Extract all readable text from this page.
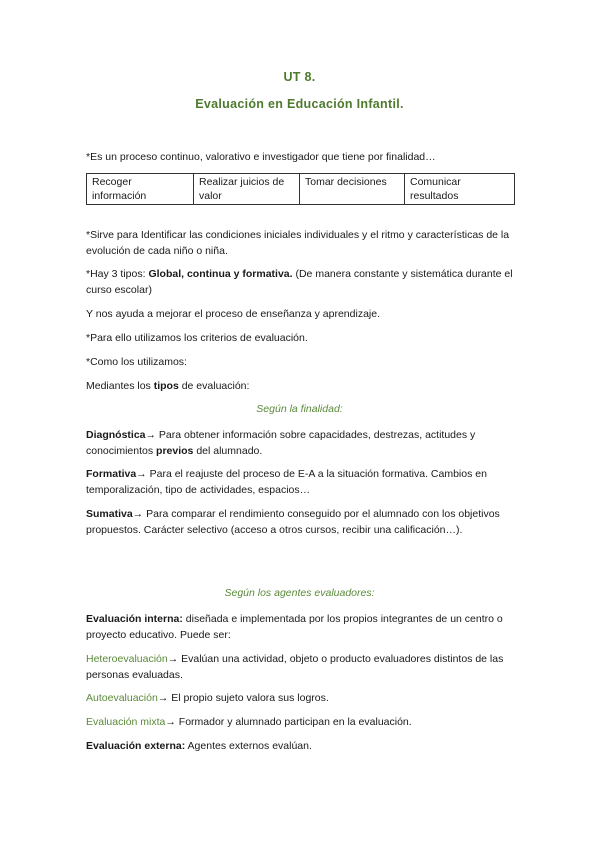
UT 8.
Evaluación en Educación Infantil.
*Es un proceso continuo, valorativo e investigador que tiene por finalidad…
Recoger información	Realizar juicios de valor	Tomar decisiones	Comunicar resultados
*Sirve para Identificar las condiciones iniciales individuales y el ritmo y características de la evolución de cada niño o niña.
*Hay 3 tipos: Global, continua y formativa. (De manera constante y sistemática durante el curso escolar)
Y nos ayuda a mejorar el proceso de enseñanza y aprendizaje.
*Para ello utilizamos los criterios de evaluación.
*Como los utilizamos:
Mediantes los tipos de evaluación:
Según la finalidad:
Diagnóstica→ Para obtener información sobre capacidades, destrezas, actitudes y conocimientos previos del alumnado.
Formativa→ Para el reajuste del proceso de E-A a la situación formativa. Cambios en temporalización, tipo de actividades, espacios…
Sumativa→ Para comparar el rendimiento conseguido por el alumnado con los objetivos propuestos. Carácter selectivo (acceso a otros cursos, recibir una calificación…).
Según los agentes evaluadores:
Evaluación interna: diseñada e implementada por los propios integrantes de un centro o proyecto educativo. Puede ser:
Heteroevaluación→ Evalúan una actividad, objeto o producto evaluadores distintos de las personas evaluadas.
Autoevaluación→ El propio sujeto valora sus logros.
Evaluación mixta→ Formador y alumnado participan en la evaluación.
Evaluación externa: Agentes externos evalúan.
